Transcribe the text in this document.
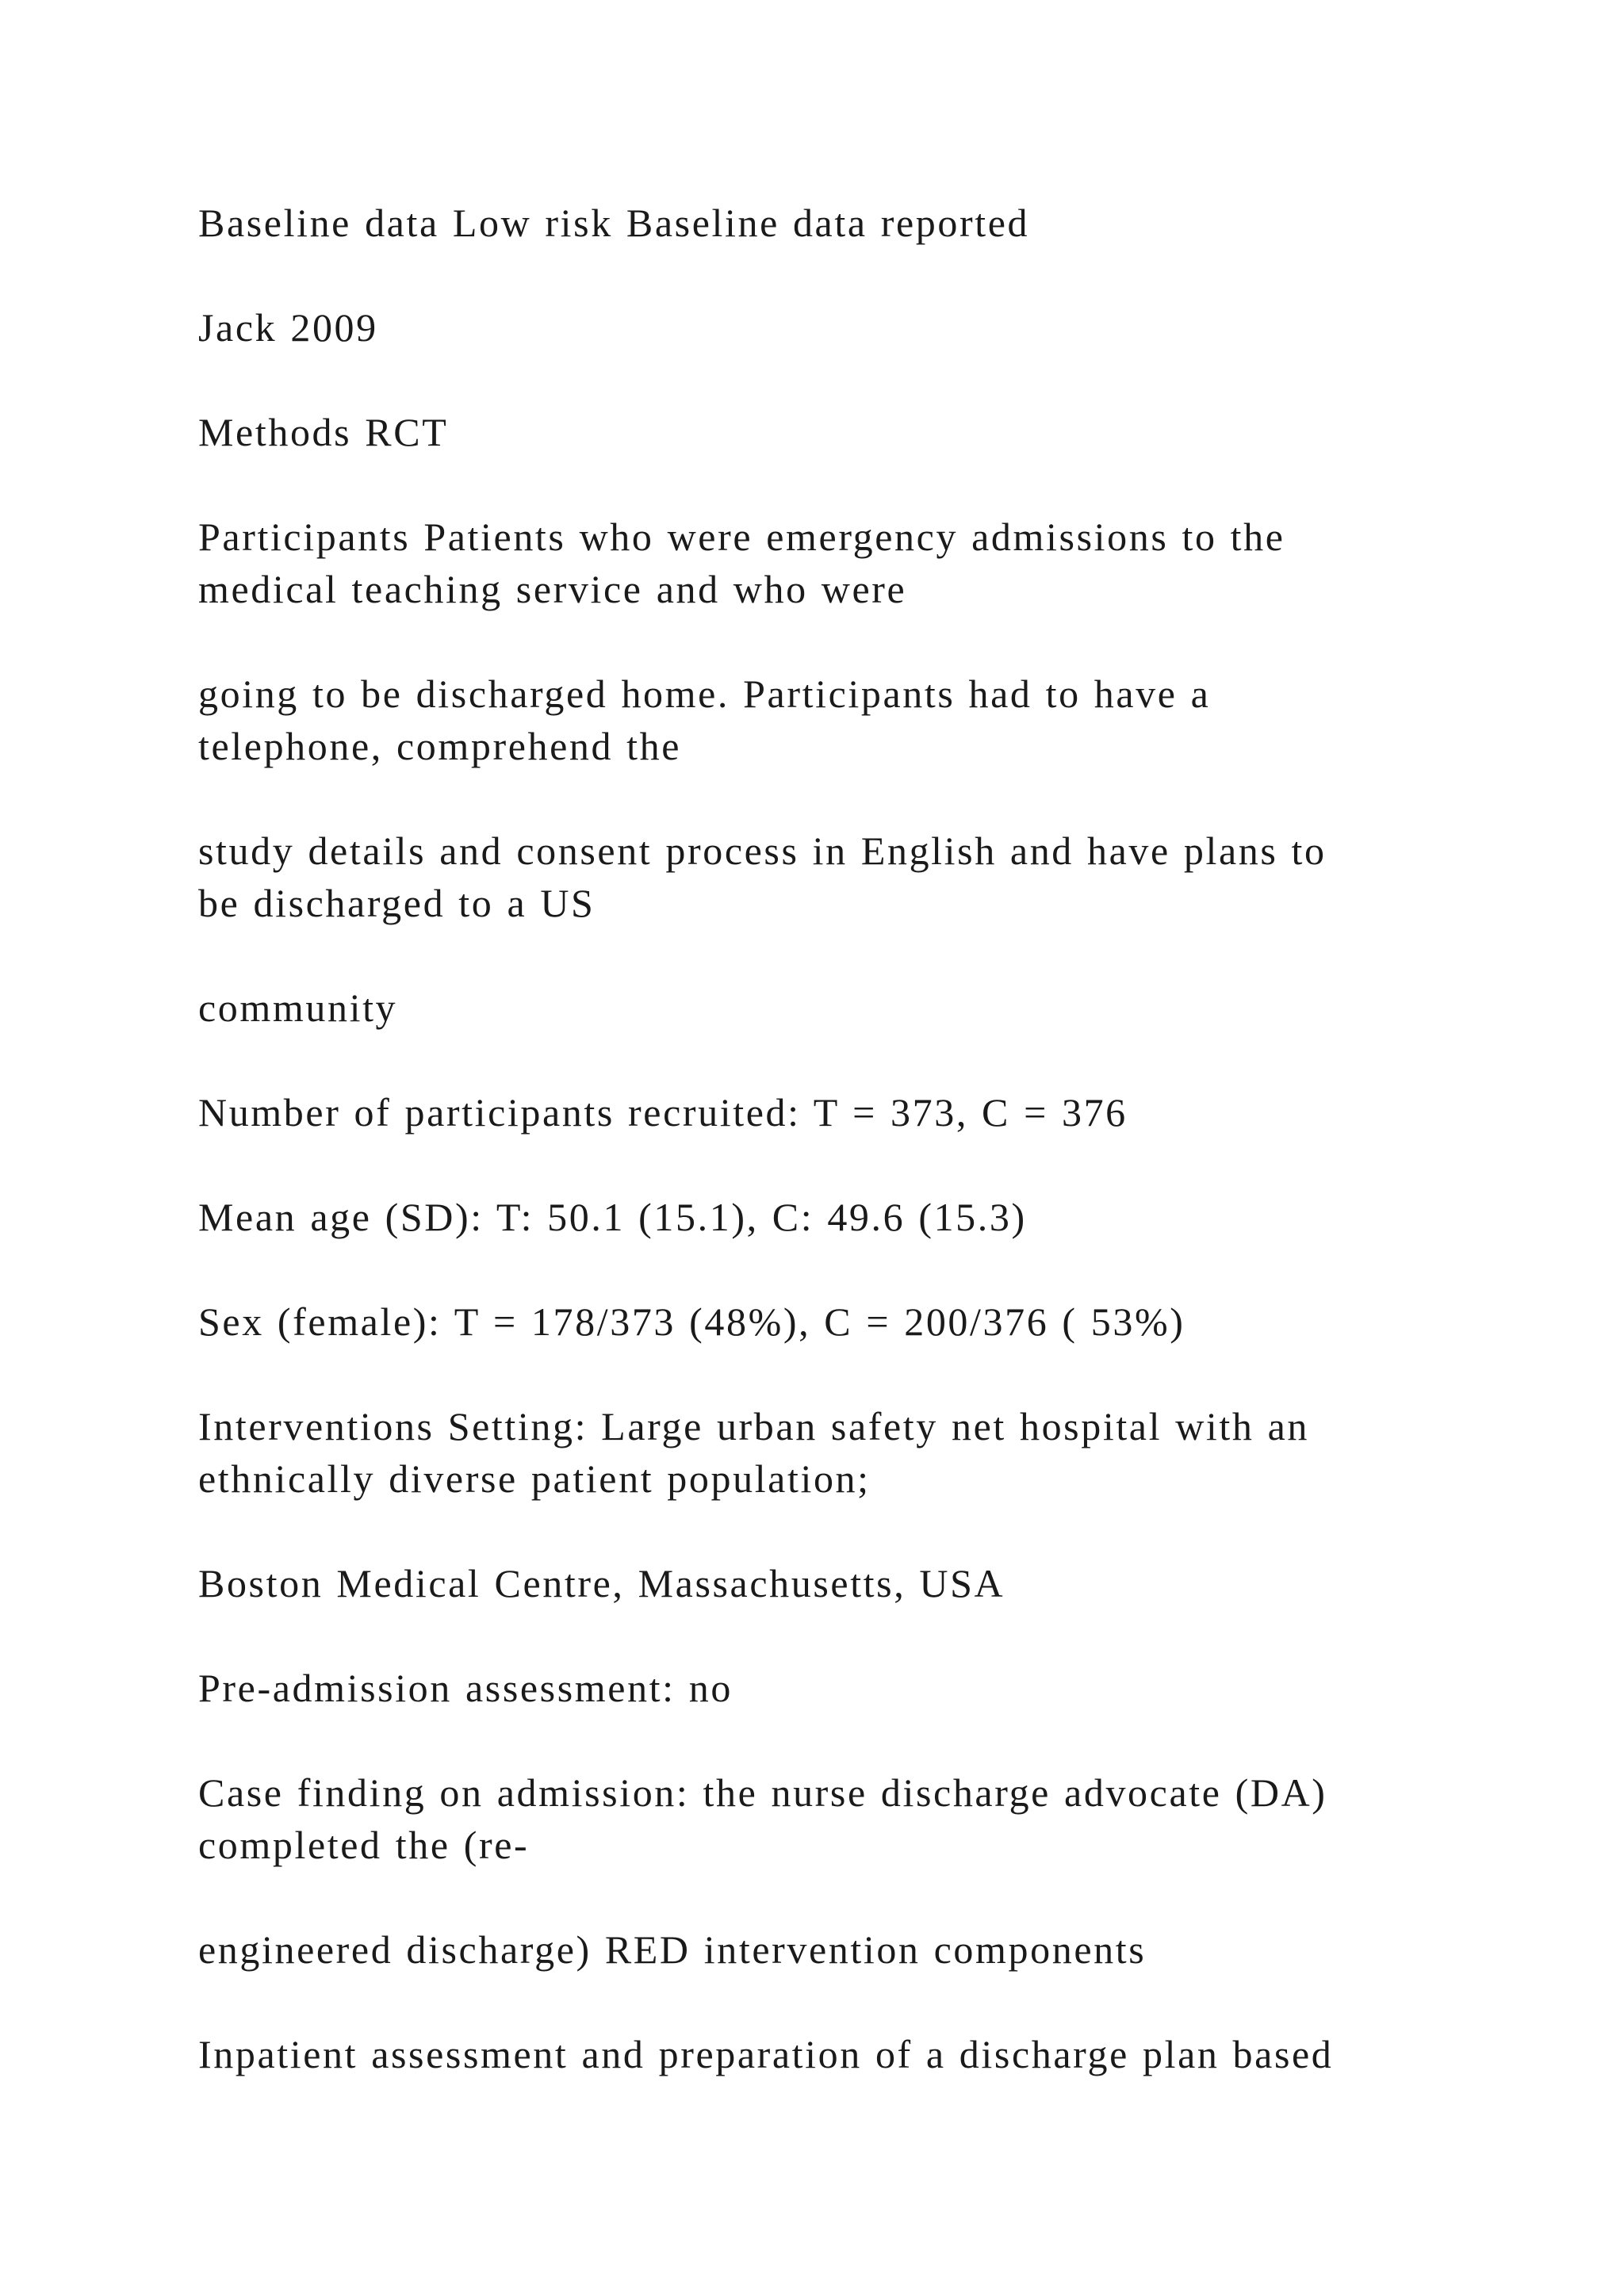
Baseline data Low risk Baseline data reported

Jack 2009

Methods RCT

Participants Patients who were emergency admissions to the
medical teaching service and who were

going to be discharged home. Participants had to have a
telephone, comprehend the

study details and consent process in English and have plans to
be discharged to a US

community

Number of participants recruited: T = 373, C = 376

Mean age (SD): T: 50.1 (15.1), C: 49.6 (15.3)

Sex (female): T = 178/373 (48%), C = 200/376 ( 53%)

Interventions Setting: Large urban safety net hospital with an
ethnically diverse patient population;

Boston Medical Centre, Massachusetts, USA

Pre-admission assessment: no

Case finding on admission: the nurse discharge advocate (DA)
completed the (re-

engineered discharge) RED intervention components

Inpatient assessment and preparation of a discharge plan based
